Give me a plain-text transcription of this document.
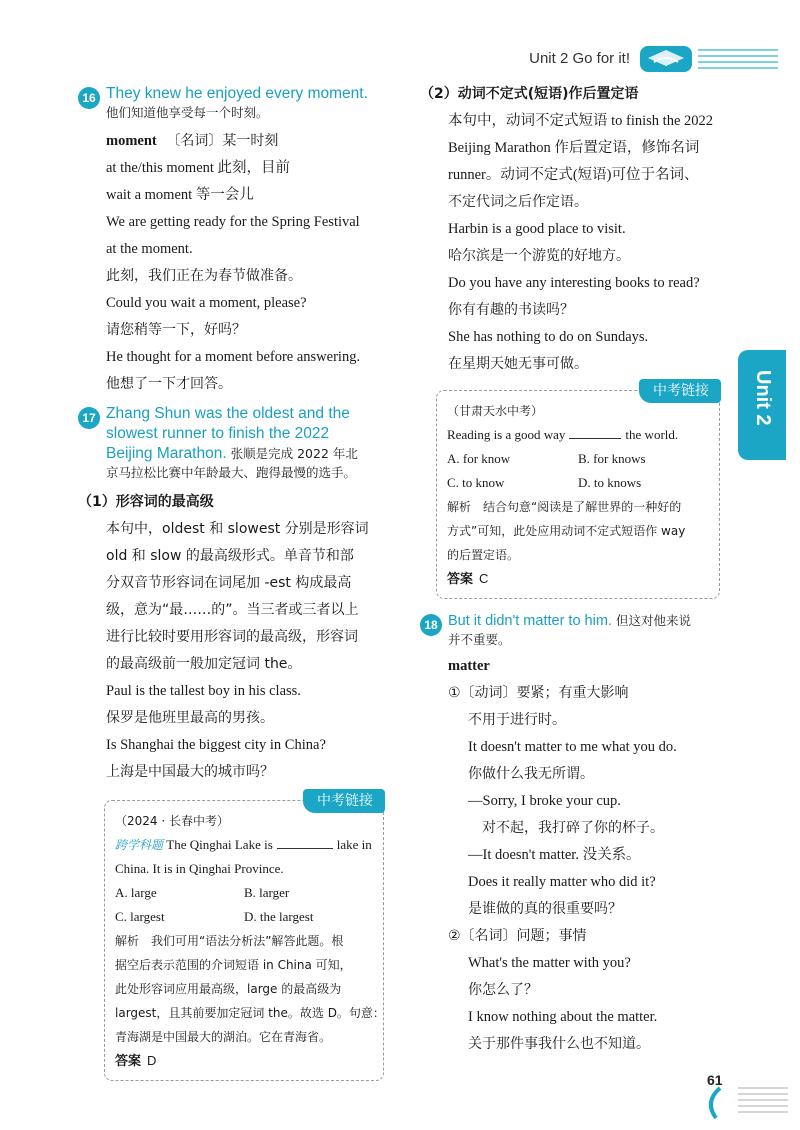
Unit 2 Go for it!
16 They knew he enjoyed every moment.
他们知道他享受每一个时刻。

moment 〔名词〕某一时刻

at the/this moment 此刻，目前

wait a moment 等一会儿

We are getting ready for the Spring Festival

at the moment.

此刻，我们正在为春节做准备。

Could you wait a moment, please?

请您稍等一下，好吗？

He thought for a moment before answering.

他想了一下才回答。

17 Zhang Shun was the oldest and the
slowest runner to finish the 2022
Beijing Marathon. 张顺是完成 2022 年北
京马拉松比赛中年龄最大、跑得最慢的选手。
（1）形容词的最高级

本句中，oldest 和 slowest 分别是形容词

old 和 slow 的最高级形式。单音节和部

分双音节形容词在词尾加 -est 构成最高

级，意为“最……的”。当三者或三者以上

进行比较时要用形容词的最高级，形容词

的最高级前一般加定冠词 the。

Paul is the tallest boy in his class.

保罗是他班里最高的男孩。

Is Shanghai the biggest city in China?

上海是中国最大的城市吗？

中考链接

（2024 · 长春中考）

跨学科题 The Qinghai Lake is	lake in

China. It is in Qinghai Province.

A. large	B. larger

C. largest	D. the largest

解析　我们可用“语法分析法”解答此题。根

据空后表示范围的介词短语 in China 可知，

此处形容词应用最高级，large 的最高级为

largest，且其前要加定冠词 the。故选 D。句意：

青海湖是中国最大的湖泊。它在青海省。

答案 D

（2）动词不定式(短语)作后置定语

本句中，动词不定式短语 to finish the 2022

Beijing Marathon 作后置定语，修饰名词

runner。动词不定式(短语)可位于名词、

不定代词之后作定语。

Harbin is a good place to visit.

哈尔滨是一个游览的好地方。

Do you have any interesting books to read?

你有有趣的书读吗？

She has nothing to do on Sundays.

在星期天她无事可做。

中考链接

（甘肃天水中考）

Reading is a good way	the world.

A. for know	B. for knows

C. to know	D. to knows

解析　结合句意“阅读是了解世界的一种好的

方式”可知，此处应用动词不定式短语作 way

的后置定语。

答案 C

18 But it didn't matter to him. 但这对他来说
并不重要。

matter

①〔动词〕要紧；有重大影响

不用于进行时。

It doesn't matter to me what you do.

你做什么我无所谓。

—Sorry, I broke your cup.

对不起，我打碎了你的杯子。

—It doesn't matter. 没关系。

Does it really matter who did it?

是谁做的真的很重要吗？

②〔名词〕问题；事情

What's the matter with you?

你怎么了？

I know nothing about the matter.

关于那件事我什么也不知道。

Unit 2
61
